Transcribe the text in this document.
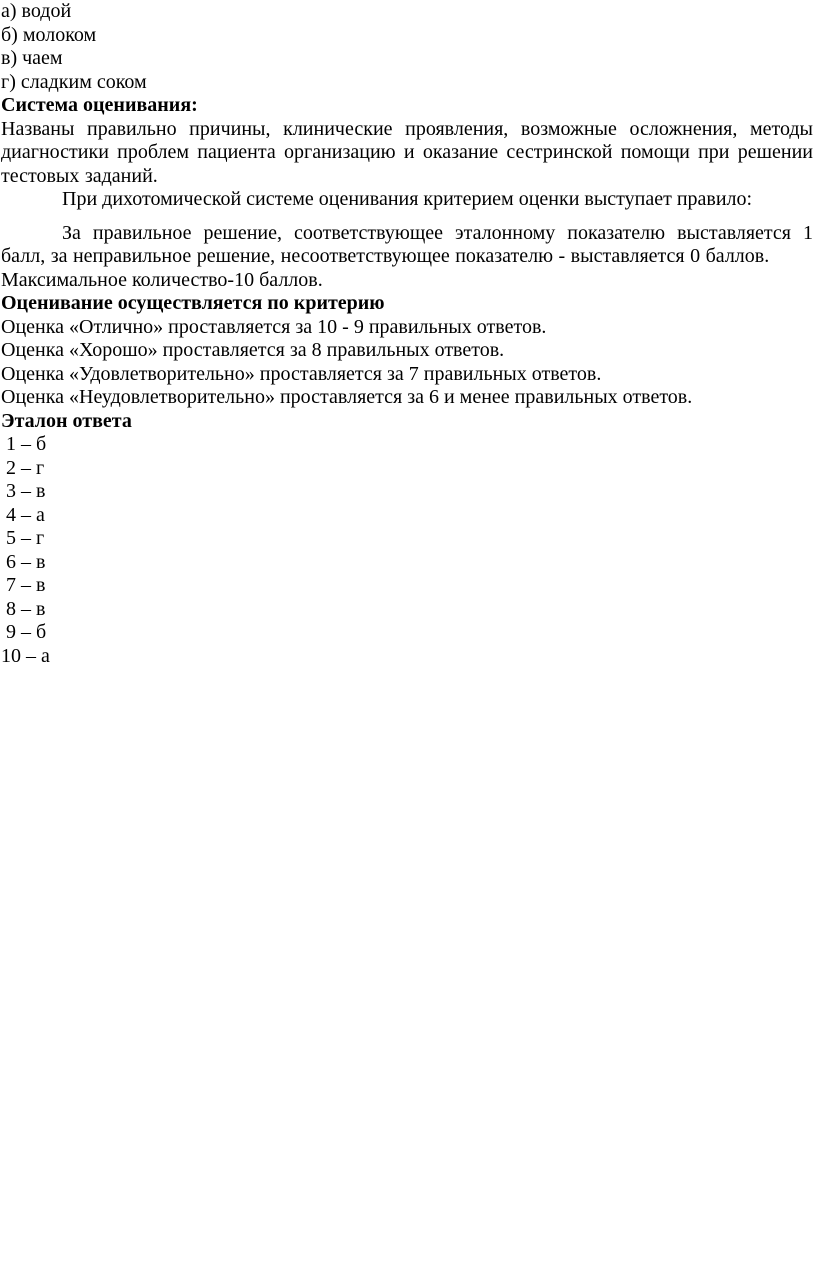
а) водой
б) молоком
в) чаем
г) сладким соком
Система оценивания:
Названы правильно причины, клинические проявления, возможные осложнения, методы диагностики проблем пациента организацию и оказание сестринской помощи при решении тестовых заданий.
При дихотомической системе оценивания критерием оценки выступает правило:
За правильное решение, соответствующее эталонному показателю выставляется 1 балл, за неправильное решение, несоответствующее показателю - выставляется 0 баллов.
Максимальное количество-10 баллов.
Оценивание осуществляется по критерию
Оценка «Отлично» проставляется за 10 - 9 правильных ответов.
Оценка «Хорошо» проставляется за 8 правильных ответов.
Оценка «Удовлетворительно» проставляется за 7 правильных ответов.
Оценка «Неудовлетворительно» проставляется за 6 и менее правильных ответов.
Эталон ответа
1 – б
2 – г
3 – в
4 – а
5 – г
6 – в
7 – в
8 – в
9 – б
10 – а
